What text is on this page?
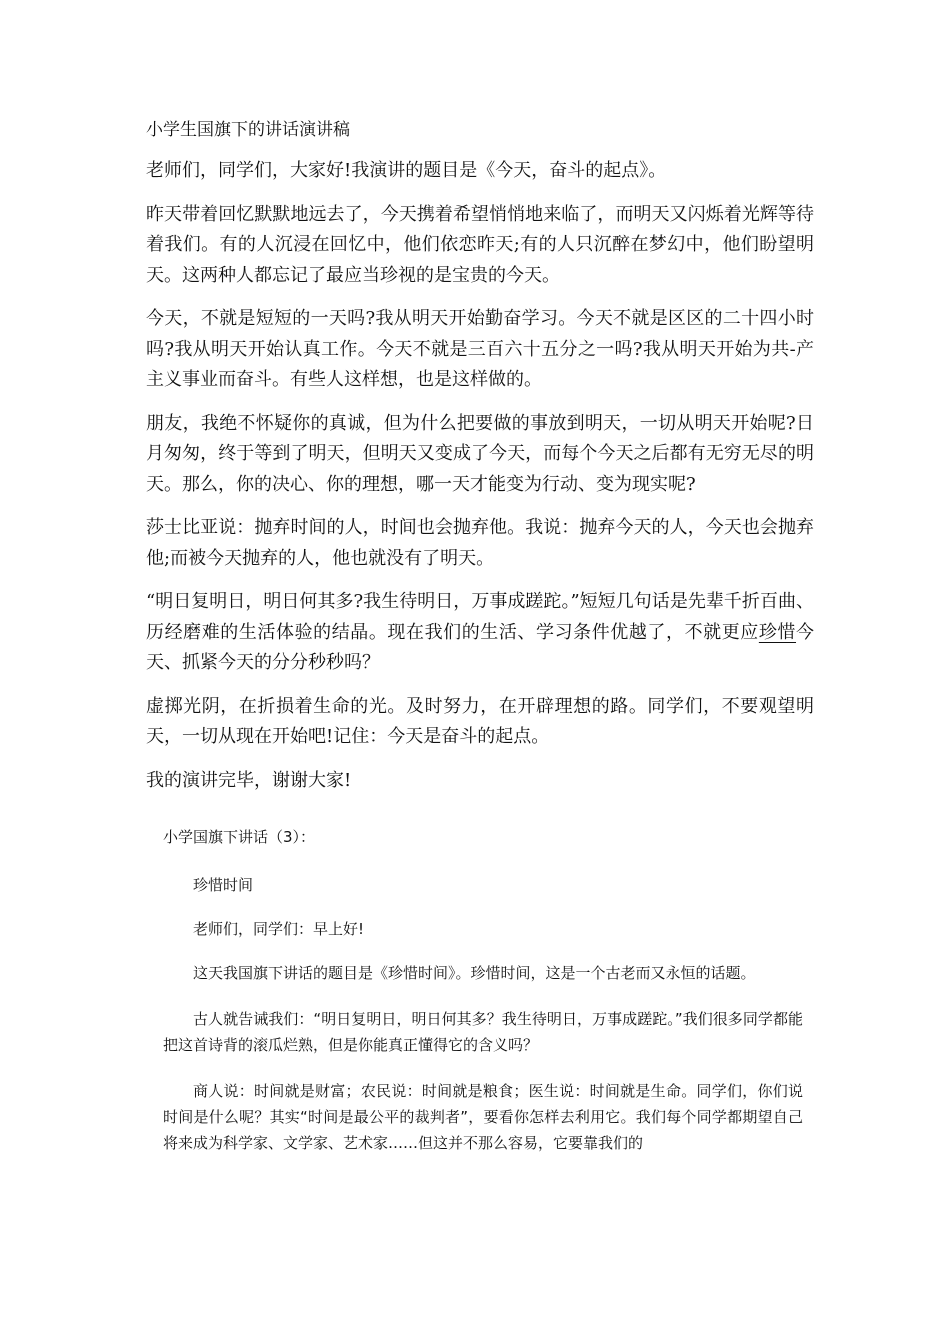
小学生国旗下的讲话演讲稿

老师们，同学们，大家好!我演讲的题目是《今天，奋斗的起点》。

昨天带着回忆默默地远去了，今天携着希望悄悄地来临了，而明天又闪烁着光辉等待着我们。有的人沉浸在回忆中，他们依恋昨天;有的人只沉醉在梦幻中，他们盼望明天。这两种人都忘记了最应当珍视的是宝贵的今天。

今天，不就是短短的一天吗?我从明天开始勤奋学习。今天不就是区区的二十四小时吗?我从明天开始认真工作。今天不就是三百六十五分之一吗?我从明天开始为共-产主义事业而奋斗。有些人这样想，也是这样做的。

朋友，我绝不怀疑你的真诚，但为什么把要做的事放到明天，一切从明天开始呢?日月匆匆，终于等到了明天，但明天又变成了今天，而每个今天之后都有无穷无尽的明天。那么，你的决心、你的理想，哪一天才能变为行动、变为现实呢?

莎士比亚说：抛弃时间的人，时间也会抛弃他。我说：抛弃今天的人，今天也会抛弃他;而被今天抛弃的人，他也就没有了明天。

“明日复明日，明日何其多?我生待明日，万事成蹉跎。”短短几句话是先辈千折百曲、历经磨难的生活体验的结晶。现在我们的生活、学习条件优越了，不就更应珍惜今天、抓紧今天的分分秒秒吗？

虚掷光阴，在折损着生命的光。及时努力，在开辟理想的路。同学们，不要观望明天，一切从现在开始吧!记住：今天是奋斗的起点。

我的演讲完毕，谢谢大家!

小学国旗下讲话（3）：

珍惜时间

老师们，同学们：早上好!

这天我国旗下讲话的题目是《珍惜时间》。珍惜时间，这是一个古老而又永恒的话题。

古人就告诫我们：“明日复明日，明日何其多？我生待明日，万事成蹉跎。”我们很多同学都能把这首诗背的滚瓜烂熟，但是你能真正懂得它的含义吗？

商人说：时间就是财富；农民说：时间就是粮食；医生说：时间就是生命。同学们，你们说时间是什么呢？其实“时间是最公平的裁判者”，要看你怎样去利用它。我们每个同学都期望自己将来成为科学家、文学家、艺术家……但这并不那么容易，它要靠我们的
